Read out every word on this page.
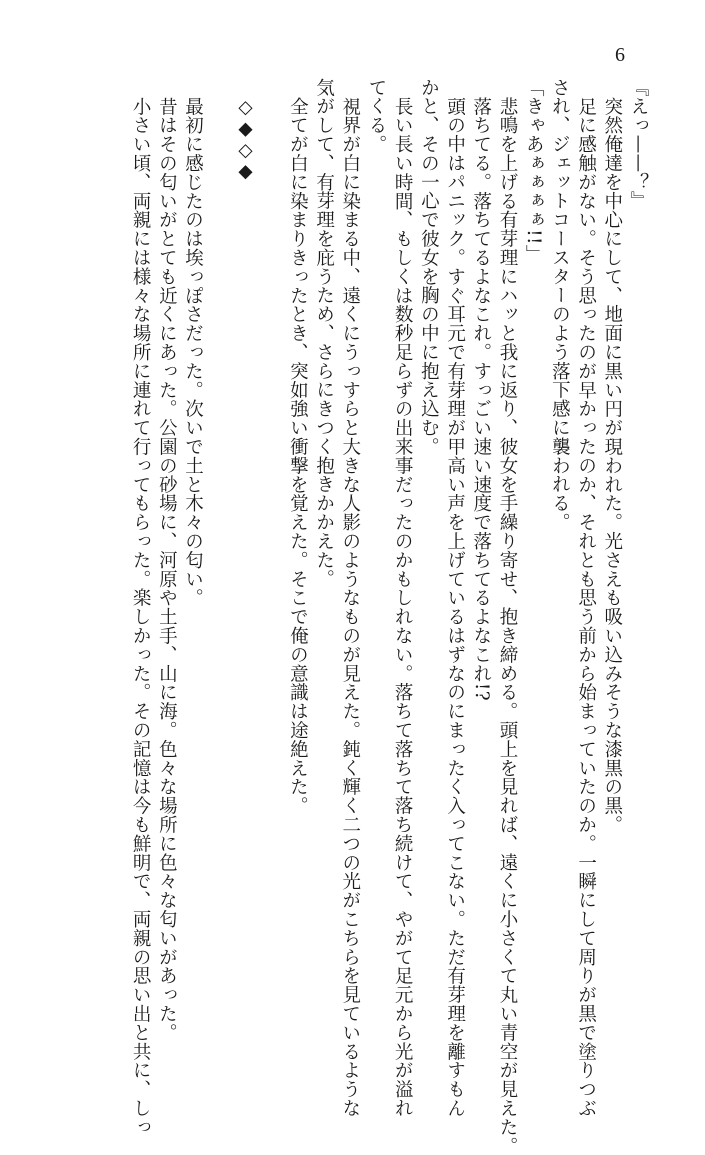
6
『えっ——？』
突然俺達を中心にして、地面に黒い円が現われた。光さえも吸い込みそうな漆黒の黒。
足に感触がない。そう思ったのが早かったのか、それとも思う前から始まっていたのか。一瞬にして周りが黒で塗りつぶ
され、ジェットコースターのよう落下感に襲われる。
「きゃあぁぁぁぁ!!」
悲鳴を上げる有芽理にハッと我に返り、彼女を手繰り寄せ、抱き締める。頭上を見れば、遠くに小さくて丸い青空が見えた。
落ちてる。落ちてるよなこれ。すっごい速い速度で落ちてるよなこれ!?
頭の中はパニック。すぐ耳元で有芽理が甲高い声を上げているはずなのにまったく入ってこない。ただ有芽理を離すもん
かと、その一心で彼女を胸の中に抱え込む。
長い長い時間、もしくは数秒足らずの出来事だったのかもしれない。落ちて落ちて落ち続けて、やがて足元から光が溢れ
てくる。
視界が白に染まる中、遠くにうっすらと大きな人影のようなものが見えた。鈍く輝く二つの光がこちらを見ているような
気がして、有芽理を庇うため、さらにきつく抱きかかえた。
全てが白に染まりきったとき、突如強い衝撃を覚えた。そこで俺の意識は途絶えた。

◇◆◇◆

最初に感じたのは埃っぽさだった。次いで土と木々の匂い。
昔はその匂いがとても近くにあった。公園の砂場に、河原や土手、山に海。色々な場所に色々な匂いがあった。
小さい頃、両親には様々な場所に連れて行ってもらった。楽しかった。その記憶は今も鮮明で、両親の思い出と共に、しっ
